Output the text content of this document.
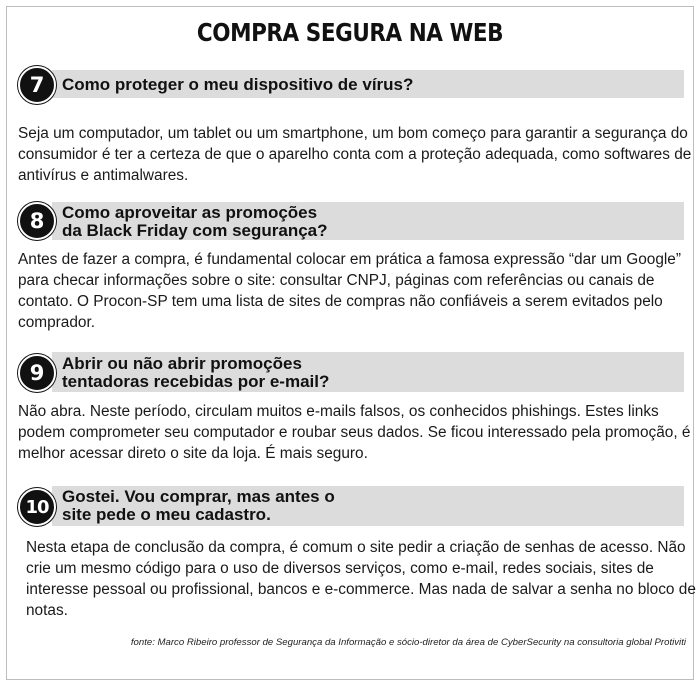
COMPRA SEGURA NA WEB
7	Como proteger o meu dispositivo de vírus?
Seja um computador, um tablet ou um smartphone, um bom começo para garantir a segurança do
consumidor é ter a certeza de que o aparelho conta com a proteção adequada, como softwares de
antivírus e antimalwares.
8	Como aproveitar as promoções
da Black Friday com segurança?
Antes de fazer a compra, é fundamental colocar em prática a famosa expressão “dar um Google”
para checar informações sobre o site: consultar CNPJ, páginas com referências ou canais de
contato. O Procon-SP tem uma lista de sites de compras não confiáveis a serem evitados pelo
comprador.
9	Abrir ou não abrir promoções
tentadoras recebidas por e-mail?
Não abra. Neste período, circulam muitos e-mails falsos, os conhecidos phishings. Estes links
podem comprometer seu computador e roubar seus dados. Se ficou interessado pela promoção, é
melhor acessar direto o site da loja. É mais seguro.
10 Gostei. Vou comprar, mas antes o
site pede o meu cadastro.
Nesta etapa de conclusão da compra, é comum o site pedir a criação de senhas de acesso. Não
crie um mesmo código para o uso de diversos serviços, como e-mail, redes sociais, sites de
interesse pessoal ou profissional, bancos e e-commerce. Mas nada de salvar a senha no bloco de
notas.
fonte: Marco Ribeiro professor de Segurança da Informação e sócio-diretor da área de CyberSecurity na consultoria global Protiviti
